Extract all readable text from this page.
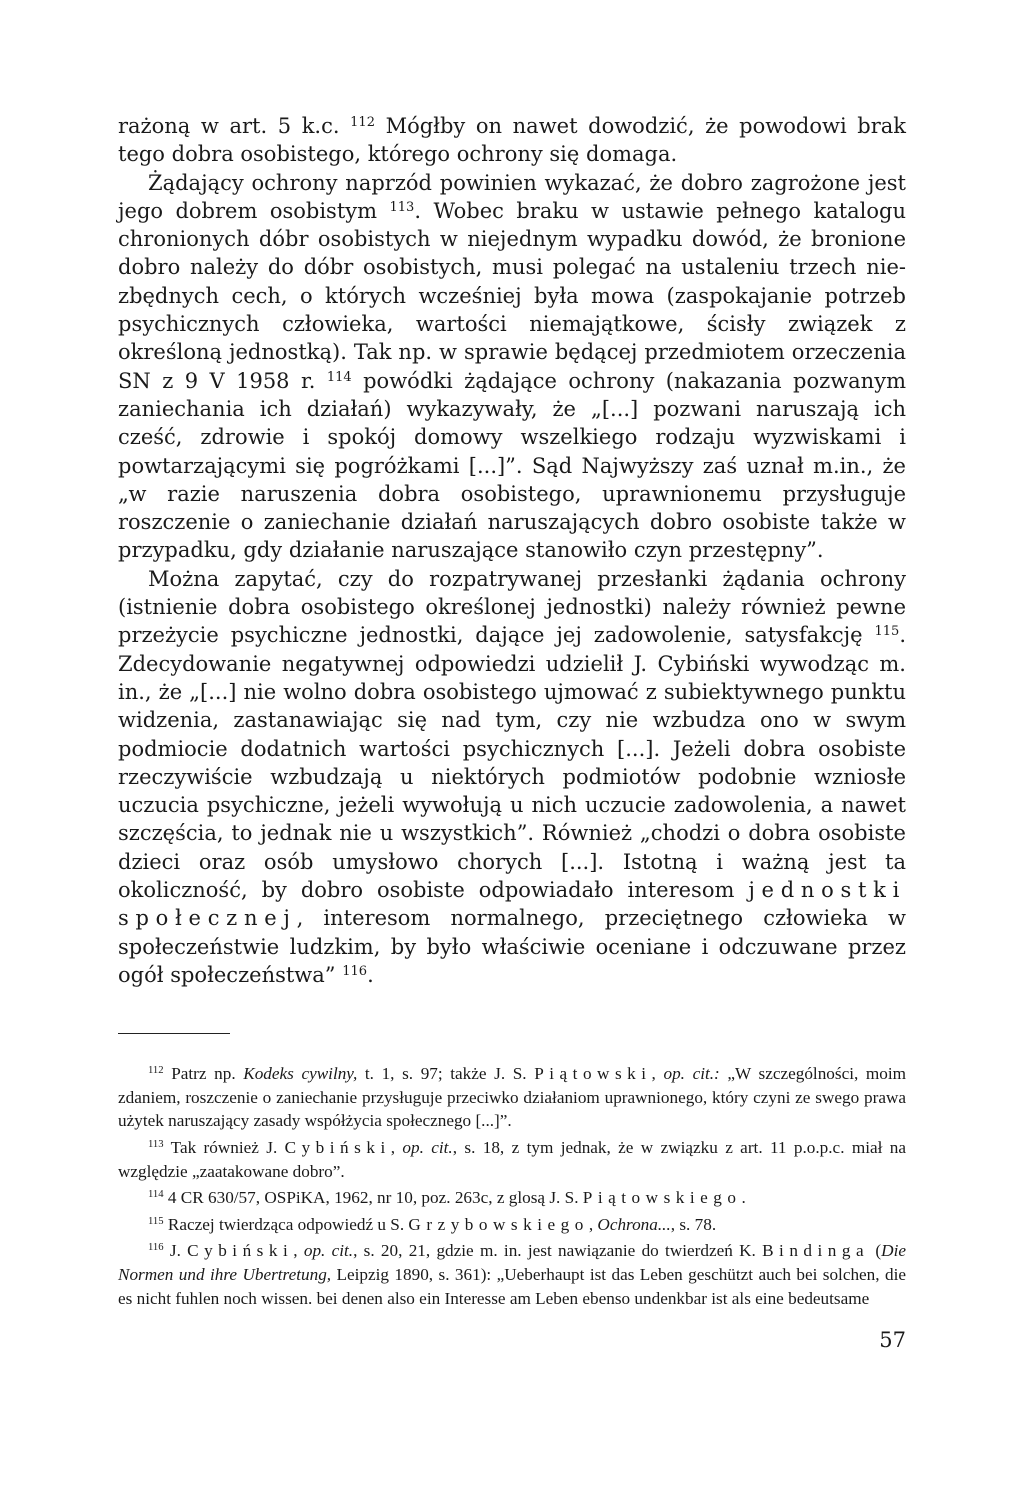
rażoną w art. 5 k.c. $^{112}$ Mógłby on nawet dowodzić, że powodowi brak tego dobra osobistego, którego ochrony się domaga.

Żądający ochrony naprzód powinien wykazać, że dobro zagrożone jest jego dobrem osobistym $^{113}$. Wobec braku w ustawie pełnego katalogu chronionych dóbr osobistych w niejednym wypadku dowód, że bronione dobro należy do dóbr osobistych, musi polegać na ustaleniu trzech niezbędnych cech, o których wcześniej była mowa (zaspokajanie potrzeb psychicznych człowieka, wartości niemajątkowe, ścisły związek z określoną jednostką). Tak np. w sprawie będącej przedmiotem orzeczenia SN z 9 V 1958 r. $^{114}$ powódki żądające ochrony (nakazania pozwanym zaniechania ich działań) wykazywały, że „[...] pozwani naruszają ich cześć, zdrowie i spokój domowy wszelkiego rodzaju wyzwiskami i powtarzającymi się pogróżkami [...]”. Sąd Najwyższy zaś uznał m.in., że „w razie naruszenia dobra osobistego, uprawnionemu przysługuje roszczenie o zaniechanie działań naruszających dobro osobiste także w przypadku, gdy działanie naruszające stanowiło czyn przestępny”.

Można zapytać, czy do rozpatrywanej przesłanki żądania ochrony (istnienie dobra osobistego określonej jednostki) należy również pewne przeżycie psychiczne jednostki, dające jej zadowolenie, satysfakcję $^{115}$. Zdecydowanie negatywnej odpowiedzi udzielił J. Cybiński wywodząc m. in., że „[...] nie wolno dobra osobistego ujmować z subiektywnego punktu widzenia, zastanawiając się nad tym, czy nie wzbudza ono w swym podmiocie dodatnich wartości psychicznych [...]. Jeżeli dobra osobiste rzeczywiście wzbudzają u niektórych podmiotów podobnie wzniosłe uczucia psychiczne, jeżeli wywołują u nich uczucie zadowolenia, a nawet szczęścia, to jednak nie u wszystkich”. Również „chodzi o dobra osobiste dzieci oraz osób umysłowo chorych [...]. Istotną i ważną jest ta okoliczność, by dobro osobiste odpowiadało interesom jednostki społecznej, interesom normalnego, przeciętnego człowieka w społeczeństwie ludzkim, by było właściwie oceniane i odczuwane przez ogół społeczeństwa” $^{116}$.

$^{112}$ Patrz np. Kodeks cywilny, t. 1, s. 97; także J. S. Piątowski, op. cit.: „W szczególności, moim zdaniem, roszczenie o zaniechanie przysługuje przeciwko działaniom uprawnionego, który czyni ze swego prawa użytek naruszający zasady współżycia społecznego [...]”.

$^{113}$ Tak również J. Cybiński, op. cit., s. 18, z tym jednak, że w związku z art. 11 p.o.p.c. miał na względzie „zaatakowane dobro”.

$^{114}$ 4 CR 630/57, OSPiKA, 1962, nr 10, poz. 263c, z glosą J. S. Piątowskiego.

$^{115}$ Raczej twierdząca odpowiedź u S. Grzybowskiego, Ochrona..., s. 78.

$^{116}$ J. Cybiński, op. cit., s. 20, 21, gdzie m. in. jest nawiązanie do twierdzeń K. Bindinga (Die Normen und ihre Ubertretung, Leipzig 1890, s. 361): „Ueberhaupt ist das Leben geschützt auch bei solchen, die es nicht fuhlen noch wissen. bei denen also ein Interesse am Leben ebenso undenkbar ist als eine bedeutsame

57
